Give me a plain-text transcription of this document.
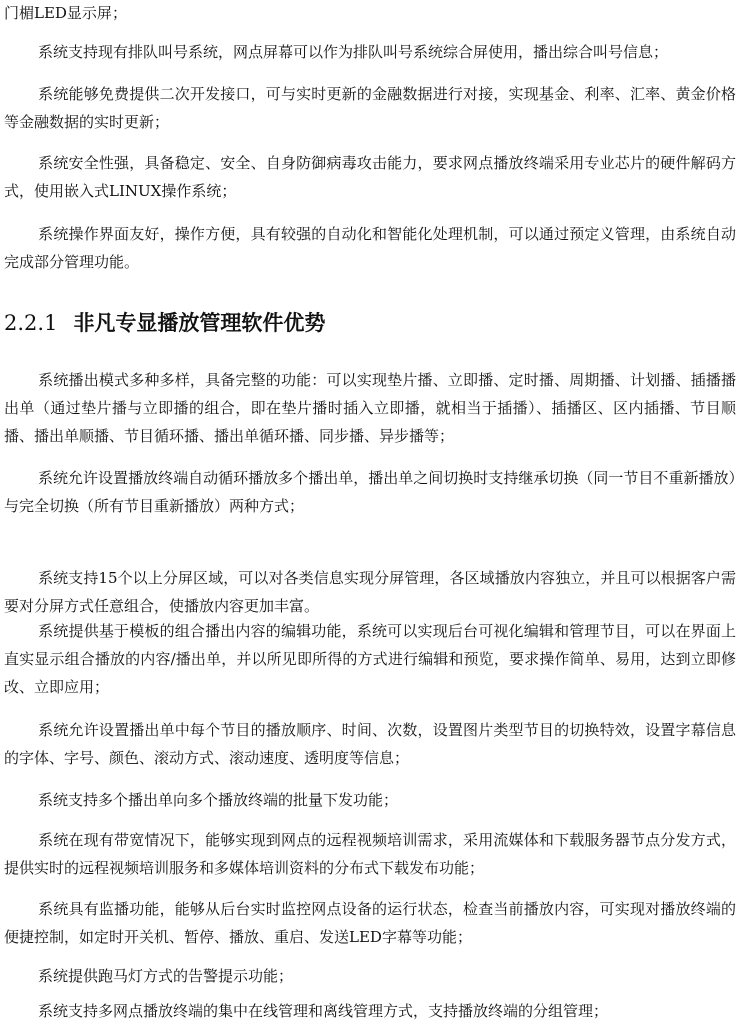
门楣LED显示屏；

系统支持现有排队叫号系统，网点屏幕可以作为排队叫号系统综合屏使用，播出综合叫号信息；

系统能够免费提供二次开发接口，可与实时更新的金融数据进行对接，实现基金、利率、汇率、黄金价格等金融数据的实时更新；

系统安全性强，具备稳定、安全、自身防御病毒攻击能力，要求网点播放终端采用专业芯片的硬件解码方式，使用嵌入式LINUX操作系统；

系统操作界面友好，操作方便，具有较强的自动化和智能化处理机制，可以通过预定义管理，由系统自动完成部分管理功能。

2.2.1 非凡专显播放管理软件优势

系统播出模式多种多样，具备完整的功能：可以实现垫片播、立即播、定时播、周期播、计划播、插播播出单（通过垫片播与立即播的组合，即在垫片播时插入立即播，就相当于插播）、插播区、区内插播、节目顺播、播出单顺播、节目循环播、播出单循环播、同步播、异步播等；

系统允许设置播放终端自动循环播放多个播出单，播出单之间切换时支持继承切换（同一节目不重新播放）与完全切换（所有节目重新播放）两种方式；

系统支持15个以上分屏区域，可以对各类信息实现分屏管理，各区域播放内容独立，并且可以根据客户需要对分屏方式任意组合，使播放内容更加丰富。

系统提供基于模板的组合播出内容的编辑功能，系统可以实现后台可视化编辑和管理节目，可以在界面上直实显示组合播放的内容/播出单，并以所见即所得的方式进行编辑和预览，要求操作简单、易用，达到立即修改、立即应用；

系统允许设置播出单中每个节目的播放顺序、时间、次数，设置图片类型节目的切换特效，设置字幕信息的字体、字号、颜色、滚动方式、滚动速度、透明度等信息；

系统支持多个播出单向多个播放终端的批量下发功能；

系统在现有带宽情况下，能够实现到网点的远程视频培训需求，采用流媒体和下载服务器节点分发方式，提供实时的远程视频培训服务和多媒体培训资料的分布式下载发布功能；

系统具有监播功能，能够从后台实时监控网点设备的运行状态，检查当前播放内容，可实现对播放终端的便捷控制，如定时开关机、暂停、播放、重启、发送LED字幕等功能；

系统提供跑马灯方式的告警提示功能；

系统支持多网点播放终端的集中在线管理和离线管理方式，支持播放终端的分组管理；
